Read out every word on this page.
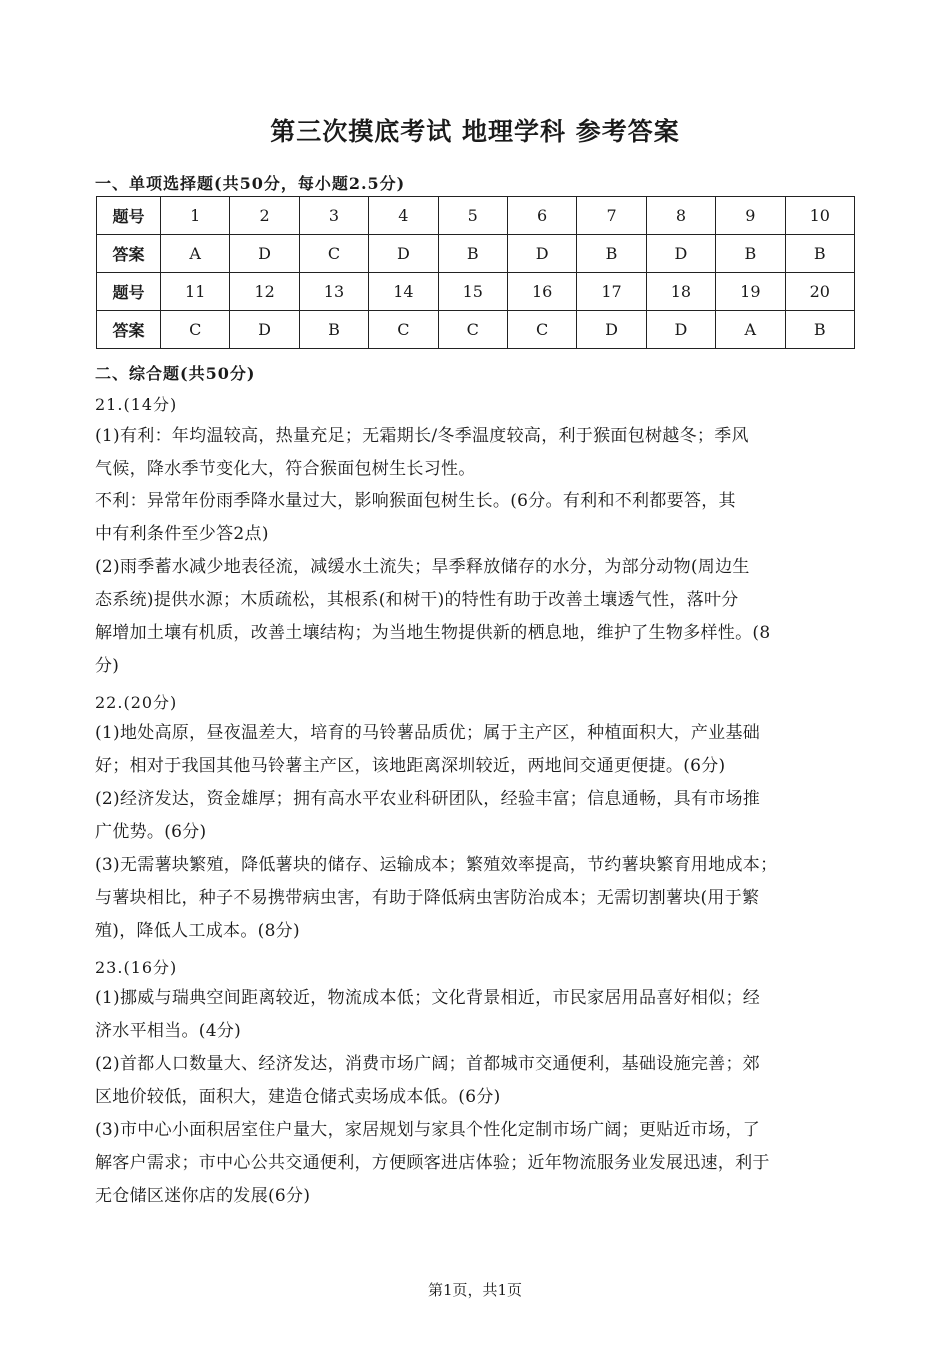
第三次摸底考试 地理学科 参考答案
一、单项选择题(共50分，每小题2.5分)
题号	1	2	3	4	5	6	7	8	9	10
答案	A	D	C	D	B	D	B	D	B	B
题号	11	12	13	14	15	16	17	18	19	20
答案	C	D	B	C	C	C	D	D	A	B
二、综合题(共50分)
21.(14分)
(1)有利：年均温较高，热量充足；无霜期长/冬季温度较高，利于猴面包树越冬；季风
气候，降水季节变化大，符合猴面包树生长习性。
不利：异常年份雨季降水量过大，影响猴面包树生长。(6分。有利和不利都要答，其
中有利条件至少答2点)
(2)雨季蓄水减少地表径流，减缓水土流失；旱季释放储存的水分，为部分动物(周边生
态系统)提供水源；木质疏松，其根系(和树干)的特性有助于改善土壤透气性，落叶分
解增加土壤有机质，改善土壤结构；为当地生物提供新的栖息地，维护了生物多样性。(8
分)
22.(20分)
(1)地处高原，昼夜温差大，培育的马铃薯品质优；属于主产区，种植面积大，产业基础
好；相对于我国其他马铃薯主产区，该地距离深圳较近，两地间交通更便捷。(6分)
(2)经济发达，资金雄厚；拥有高水平农业科研团队，经验丰富；信息通畅，具有市场推
广优势。(6分)
(3)无需薯块繁殖，降低薯块的储存、运输成本；繁殖效率提高，节约薯块繁育用地成本；
与薯块相比，种子不易携带病虫害，有助于降低病虫害防治成本；无需切割薯块(用于繁
殖)，降低人工成本。(8分)
23.(16分)
(1)挪威与瑞典空间距离较近，物流成本低；文化背景相近，市民家居用品喜好相似；经
济水平相当。(4分)
(2)首都人口数量大、经济发达，消费市场广阔；首都城市交通便利，基础设施完善；郊
区地价较低，面积大，建造仓储式卖场成本低。(6分)
(3)市中心小面积居室住户量大，家居规划与家具个性化定制市场广阔；更贴近市场，了
解客户需求；市中心公共交通便利，方便顾客进店体验；近年物流服务业发展迅速，利于
无仓储区迷你店的发展(6分)
第1页，共1页
